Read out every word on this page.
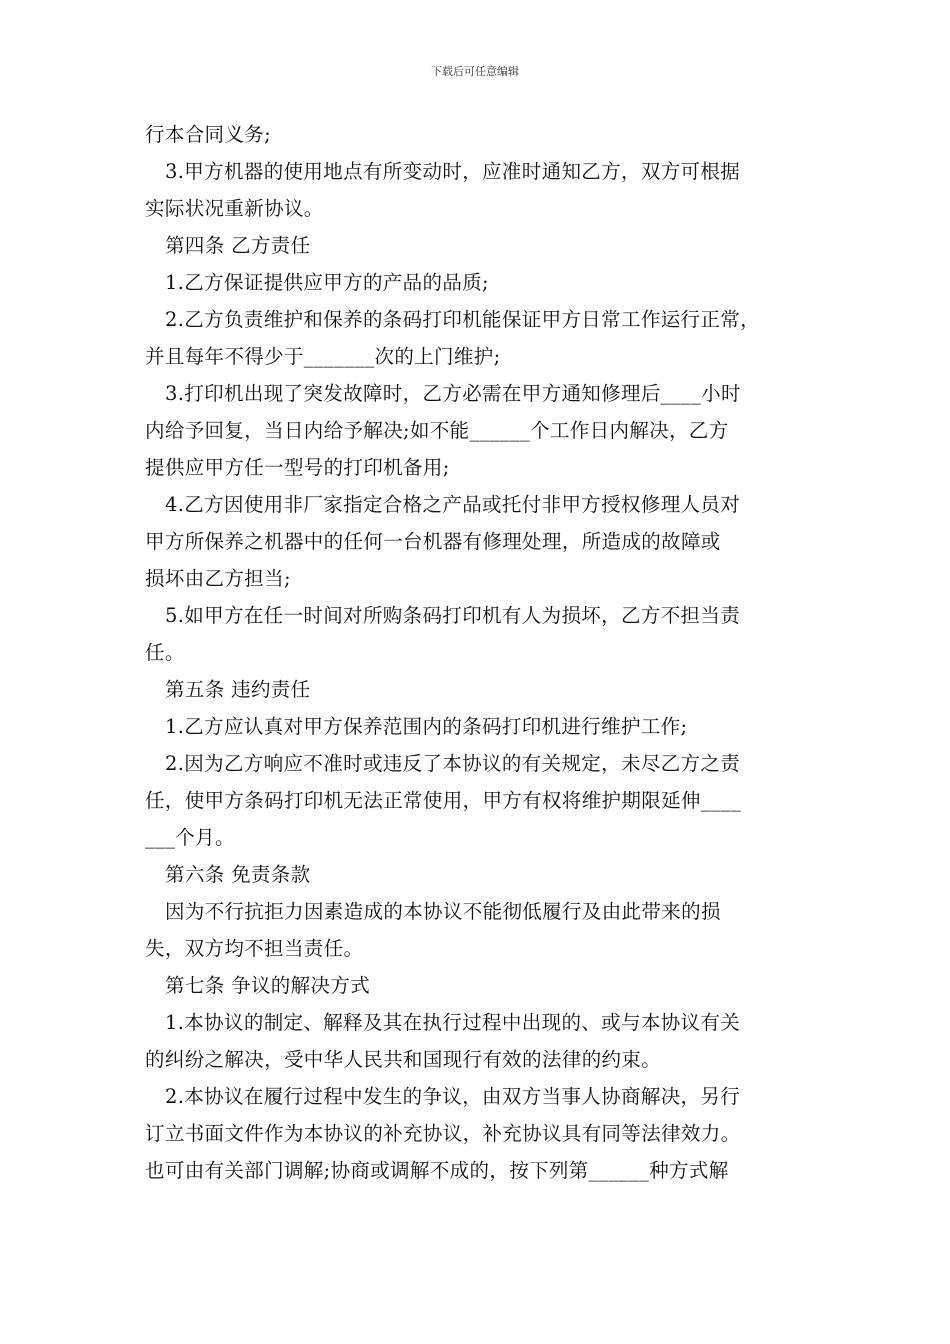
下载后可任意编辑
行本合同义务;
3.甲方机器的使用地点有所变动时，应准时通知乙方，双方可根据
实际状况重新协议。
第四条 乙方责任
1.乙方保证提供应甲方的产品的品质;
2.乙方负责维护和保养的条码打印机能保证甲方日常工作运行正常，
并且每年不得少于_______次的上门维护;
3.打印机出现了突发故障时，乙方必需在甲方通知修理后____小时
内给予回复，当日内给予解决;如不能______个工作日内解决，乙方
提供应甲方任一型号的打印机备用;
4.乙方因使用非厂家指定合格之产品或托付非甲方授权修理人员对
甲方所保养之机器中的任何一台机器有修理处理，所造成的故障或
损坏由乙方担当;
5.如甲方在任一时间对所购条码打印机有人为损坏，乙方不担当责
任。
第五条 违约责任
1.乙方应认真对甲方保养范围内的条码打印机进行维护工作;
2.因为乙方响应不准时或违反了本协议的有关规定，未尽乙方之责
任，使甲方条码打印机无法正常使用，甲方有权将维护期限延伸____
___个月。
第六条 免责条款
因为不行抗拒力因素造成的本协议不能彻低履行及由此带来的损
失，双方均不担当责任。
第七条 争议的解决方式
1.本协议的制定、解释及其在执行过程中出现的、或与本协议有关
的纠纷之解决，受中华人民共和国现行有效的法律的约束。
2.本协议在履行过程中发生的争议，由双方当事人协商解决，另行
订立书面文件作为本协议的补充协议，补充协议具有同等法律效力。
也可由有关部门调解;协商或调解不成的，按下列第______种方式解
